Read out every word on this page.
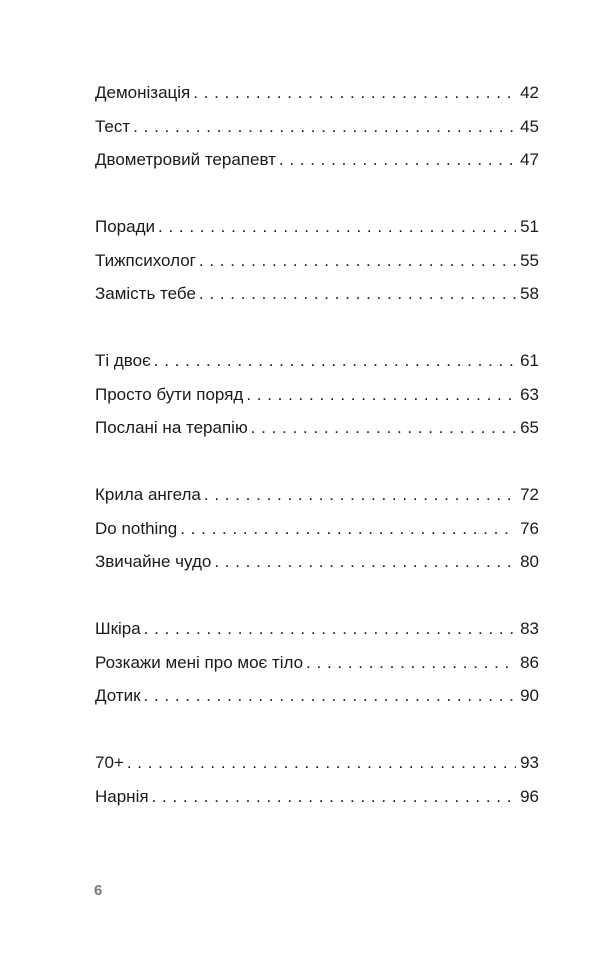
Демонізація . . .	42
Тест . . .	45
Двометровий терапевт . . .	47
Поради . . .	51
Тижпсихолог . . .	55
Замість тебе . . .	58
Ті двоє . . .	61
Просто бути поряд . . .	63
Послані на терапію . . .	65
Крила ангела . . .	72
Do nothing . . .	76
Звичайне чудо . . .	80
Шкіра . . .	83
Розкажи мені про моє тіло . . .	86
Дотик . . .	90
70+ . . .	93
Нарнія . . .	96
6
